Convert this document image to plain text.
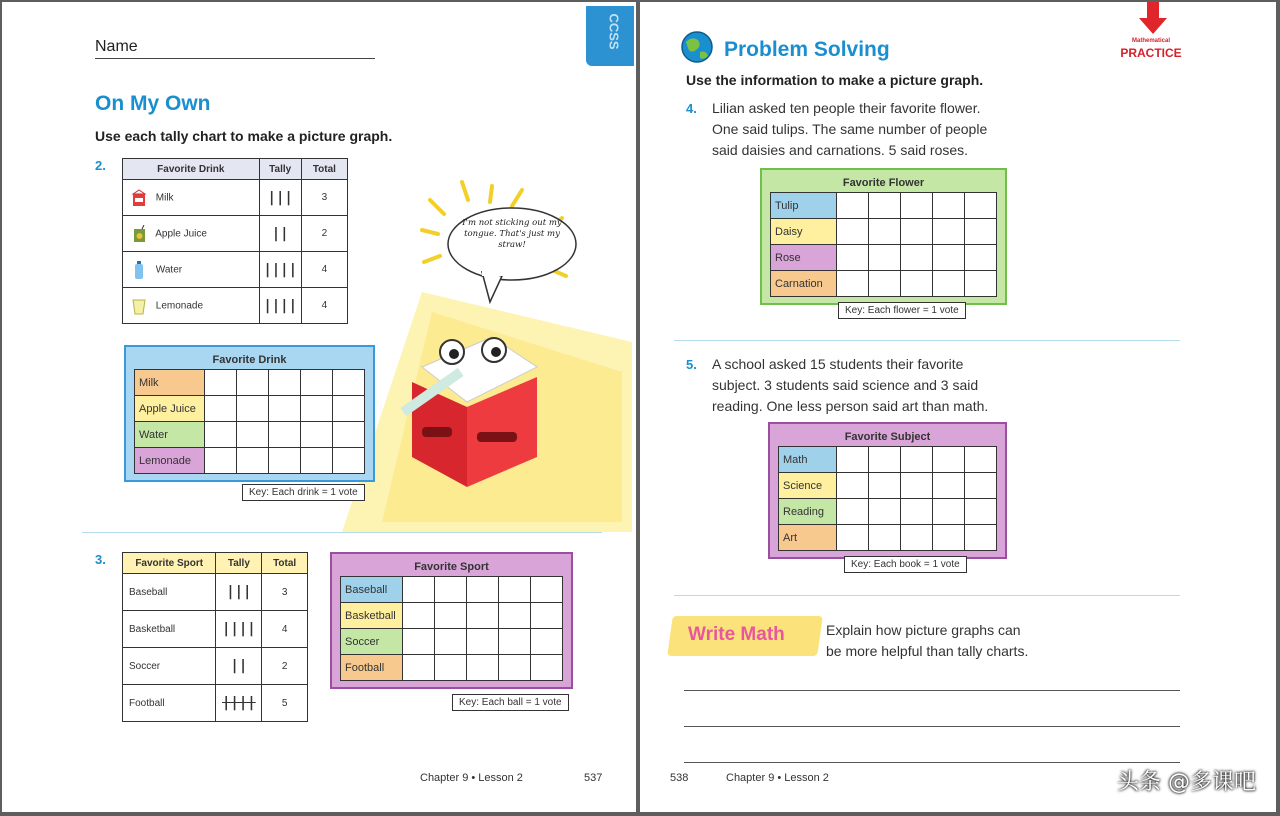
Name	CCSS
On My Own
Use each tally chart to make a picture graph.
2.	Favorite Drink	Tally	Total
Milk	|||	3
Apple Juice	||	2
Water	||||	4
Lemonade	||||	4
I'm not sticking out my tongue. That's just my straw!
Favorite Drink
Milk					
Apple Juice					
Water					
Lemonade					
Key: Each drink = 1 vote
3.	Favorite Sport	Tally	Total
Baseball	|||	3
Basketball	||||	4
Soccer	||	2
Football	||||	5
Favorite Sport
Baseball					
Basketball					
Soccer					
Football					
Key: Each ball = 1 vote
Chapter 9 • Lesson 2	537
Problem Solving	Mathematical
PRACTICE
Use the information to make a picture graph.
4. Lilian asked ten people their favorite flower.
One said tulips. The same number of people
said daisies and carnations. 5 said roses.
Favorite Flower
Tulip					
Daisy					
Rose					
Carnation					
Key: Each flower = 1 vote
5. A school asked 15 students their favorite
subject. 3 students said science and 3 said
reading. One less person said art than math.
Favorite Subject
Math					
Science					
Reading					
Art					
Key: Each book = 1 vote
Write Math	Explain how picture graphs can
be more helpful than tally charts.
538	Chapter 9 • Lesson 2	头条 @多课吧
